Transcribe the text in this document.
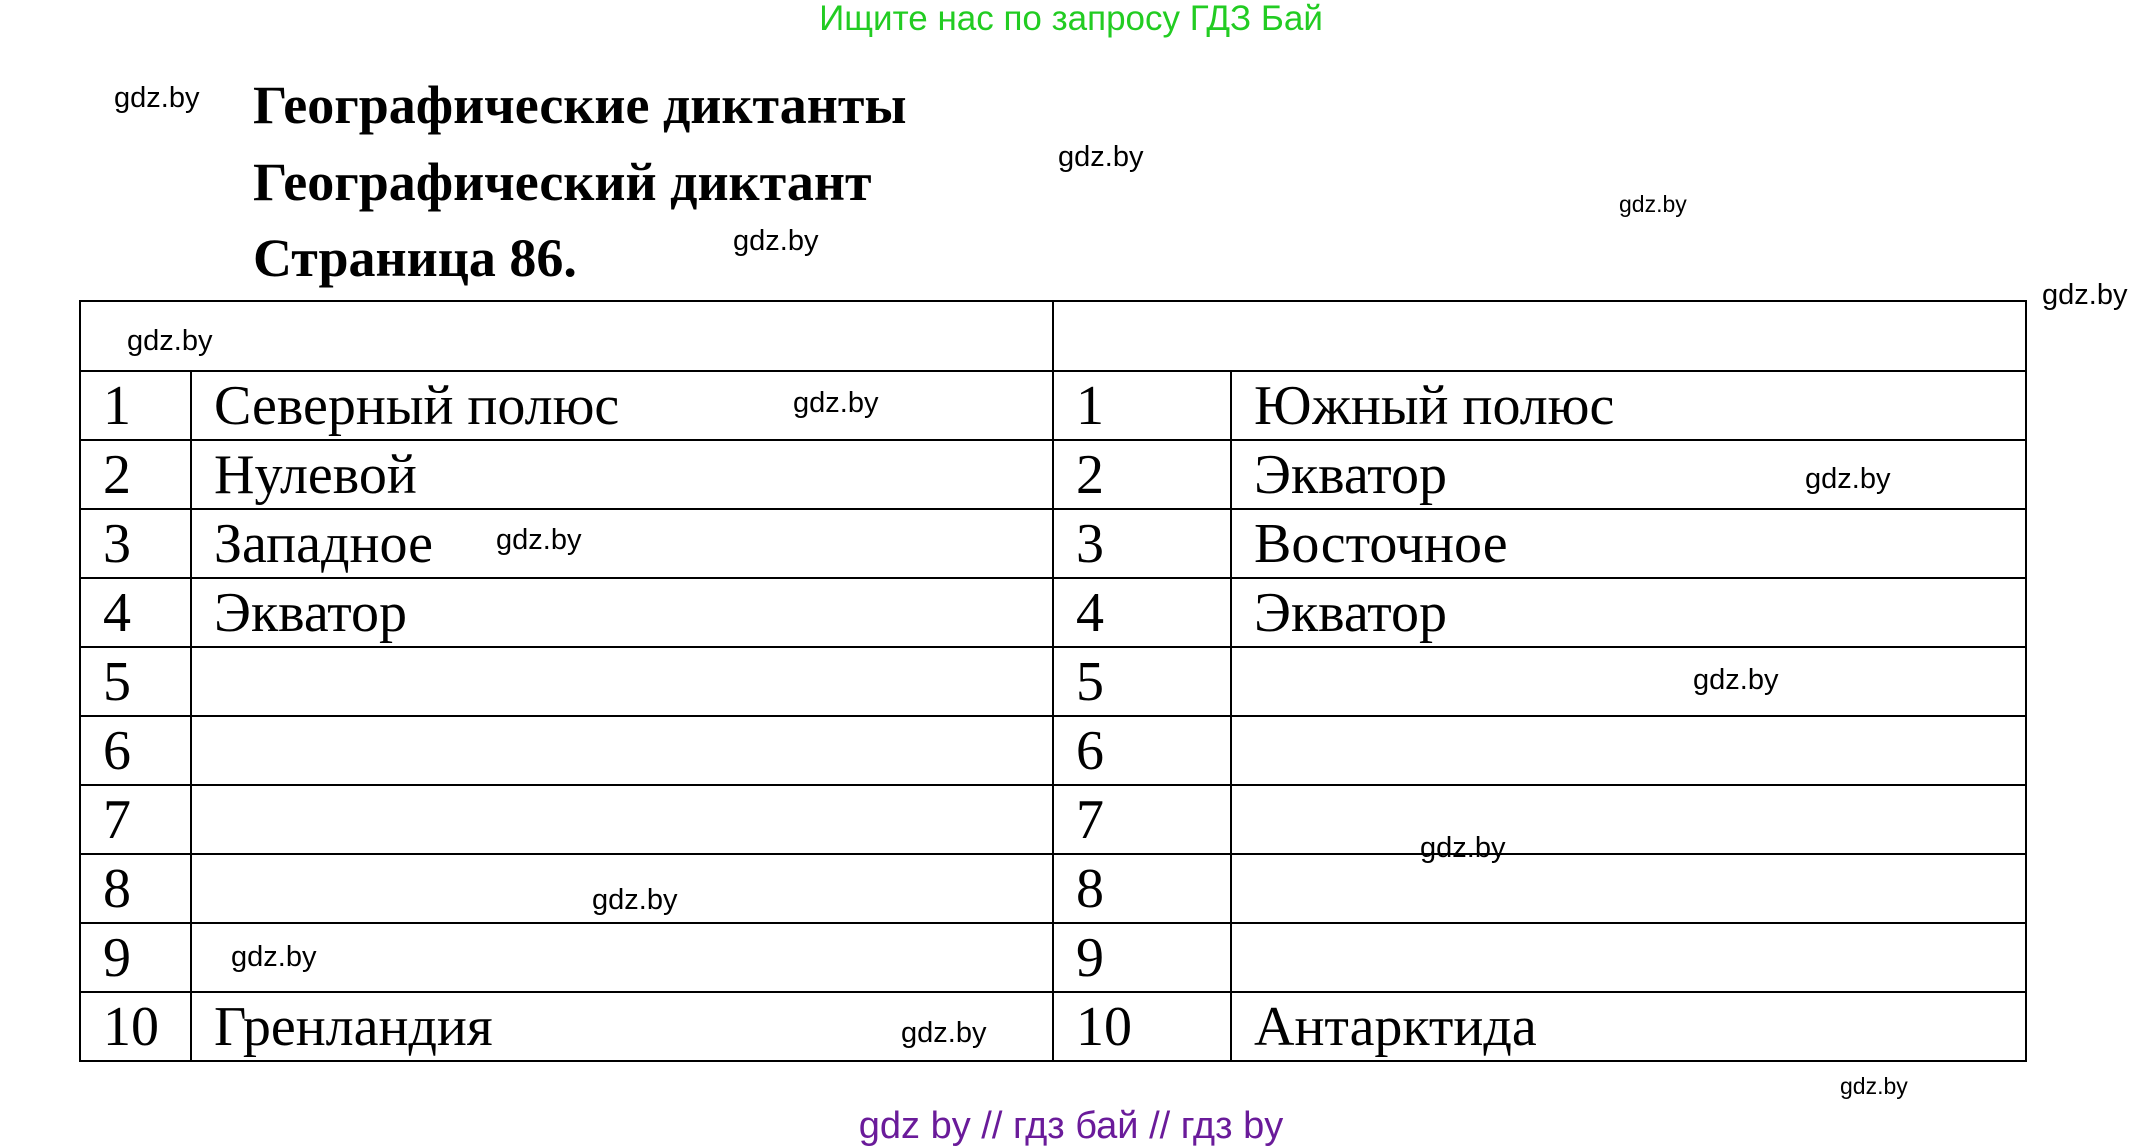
Ищите нас по запросу ГДЗ Бай
Географические диктанты
Географический диктант
Страница 86.
gdz.by
gdz.by
gdz.by
gdz.by
gdz.by

1	Северный полюс	1	Южный полюс
2	Нулевой	2	Экватор
3	Западное	3	Восточное
4	Экватор	4	Экватор
5		5	
6		6	
7		7	
8		8	
9		9	
10	Гренландия	10	Антарктида
gdz.by
gdz.by
gdz.by
gdz.by
gdz.by
gdz.by
gdz.by
gdz.by
gdz.by
gdz.by
gdz by // гдз бай // гдз by
